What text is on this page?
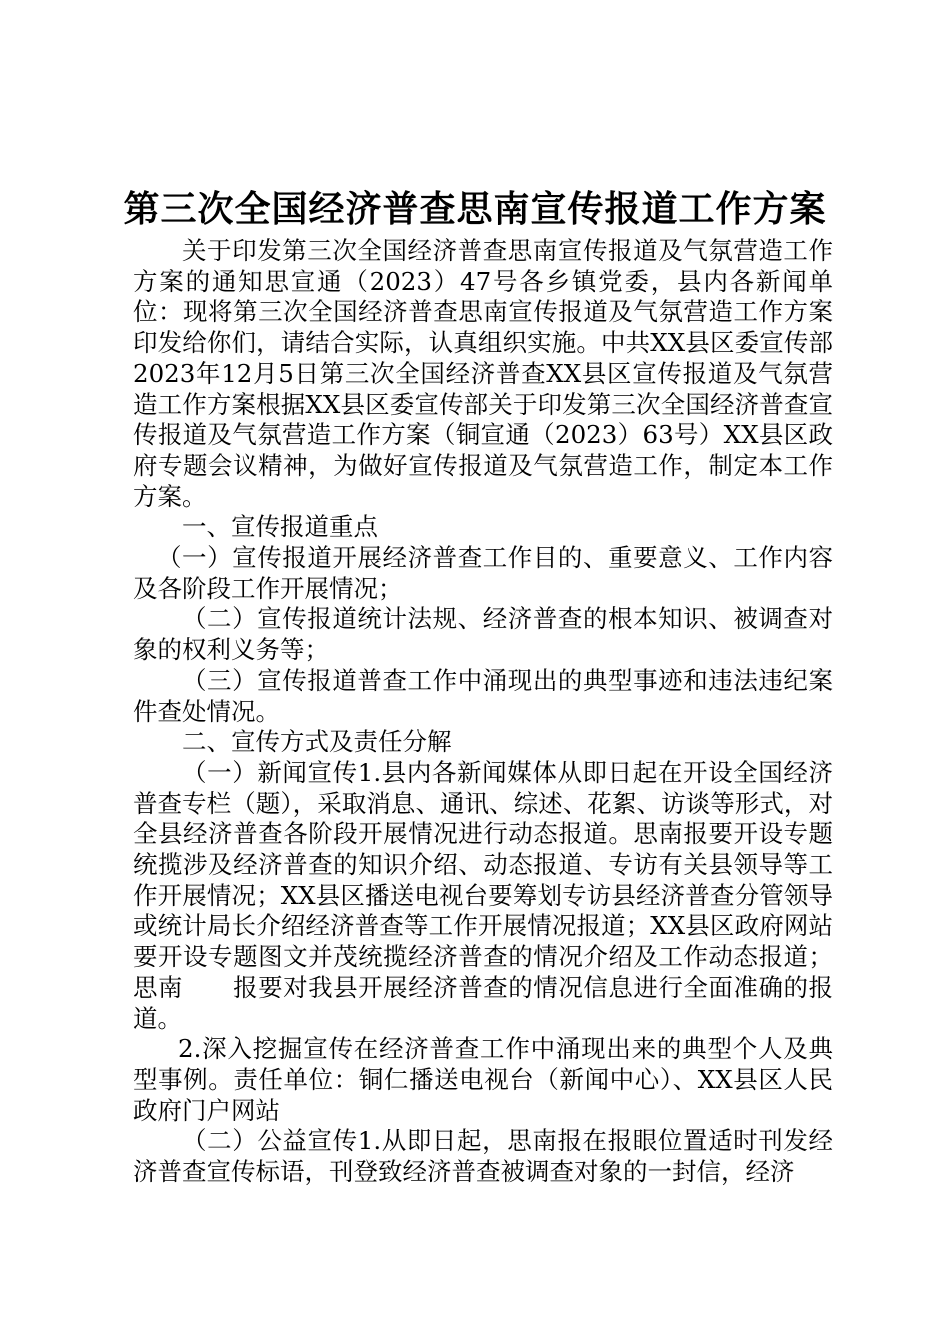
第三次全国经济普查思南宣传报道工作方案

关于印发第三次全国经济普查思南宣传报道及气氛营造工作方案的通知思宣通（2023）47号各乡镇党委，县内各新闻单位：现将第三次全国经济普查思南宣传报道及气氛营造工作方案印发给你们，请结合实际，认真组织实施。中共XX县区委宣传部2023年12月5日第三次全国经济普查XX县区宣传报道及气氛营造工作方案根据XX县区委宣传部关于印发第三次全国经济普查宣传报道及气氛营造工作方案（铜宣通（2023）63号）XX县区政府专题会议精神，为做好宣传报道及气氛营造工作，制定本工作方案。

一、宣传报道重点

（一）宣传报道开展经济普查工作目的、重要意义、工作内容及各阶段工作开展情况；

（二）宣传报道统计法规、经济普查的根本知识、被调查对象的权利义务等；

（三）宣传报道普查工作中涌现出的典型事迹和违法违纪案件查处情况。

二、宣传方式及责任分解

（一）新闻宣传1.县内各新闻媒体从即日起在开设全国经济普查专栏（题），采取消息、通讯、综述、花絮、访谈等形式，对全县经济普查各阶段开展情况进行动态报道。思南报要开设专题统揽涉及经济普查的知识介绍、动态报道、专访有关县领导等工作开展情况；XX县区播送电视台要筹划专访县经济普查分管领导或统计局长介绍经济普查等工作开展情况报道；XX县区政府网站要开设专题图文并茂统揽经济普查的情况介绍及工作动态报道；思南　　报要对我县开展经济普查的情况信息进行全面准确的报道。

2.深入挖掘宣传在经济普查工作中涌现出来的典型个人及典型事例。责任单位：铜仁播送电视台（新闻中心）、XX县区人民政府门户网站

（二）公益宣传1.从即日起，思南报在报眼位置适时刊发经济普查宣传标语，刊登致经济普查被调查对象的一封信，经济
